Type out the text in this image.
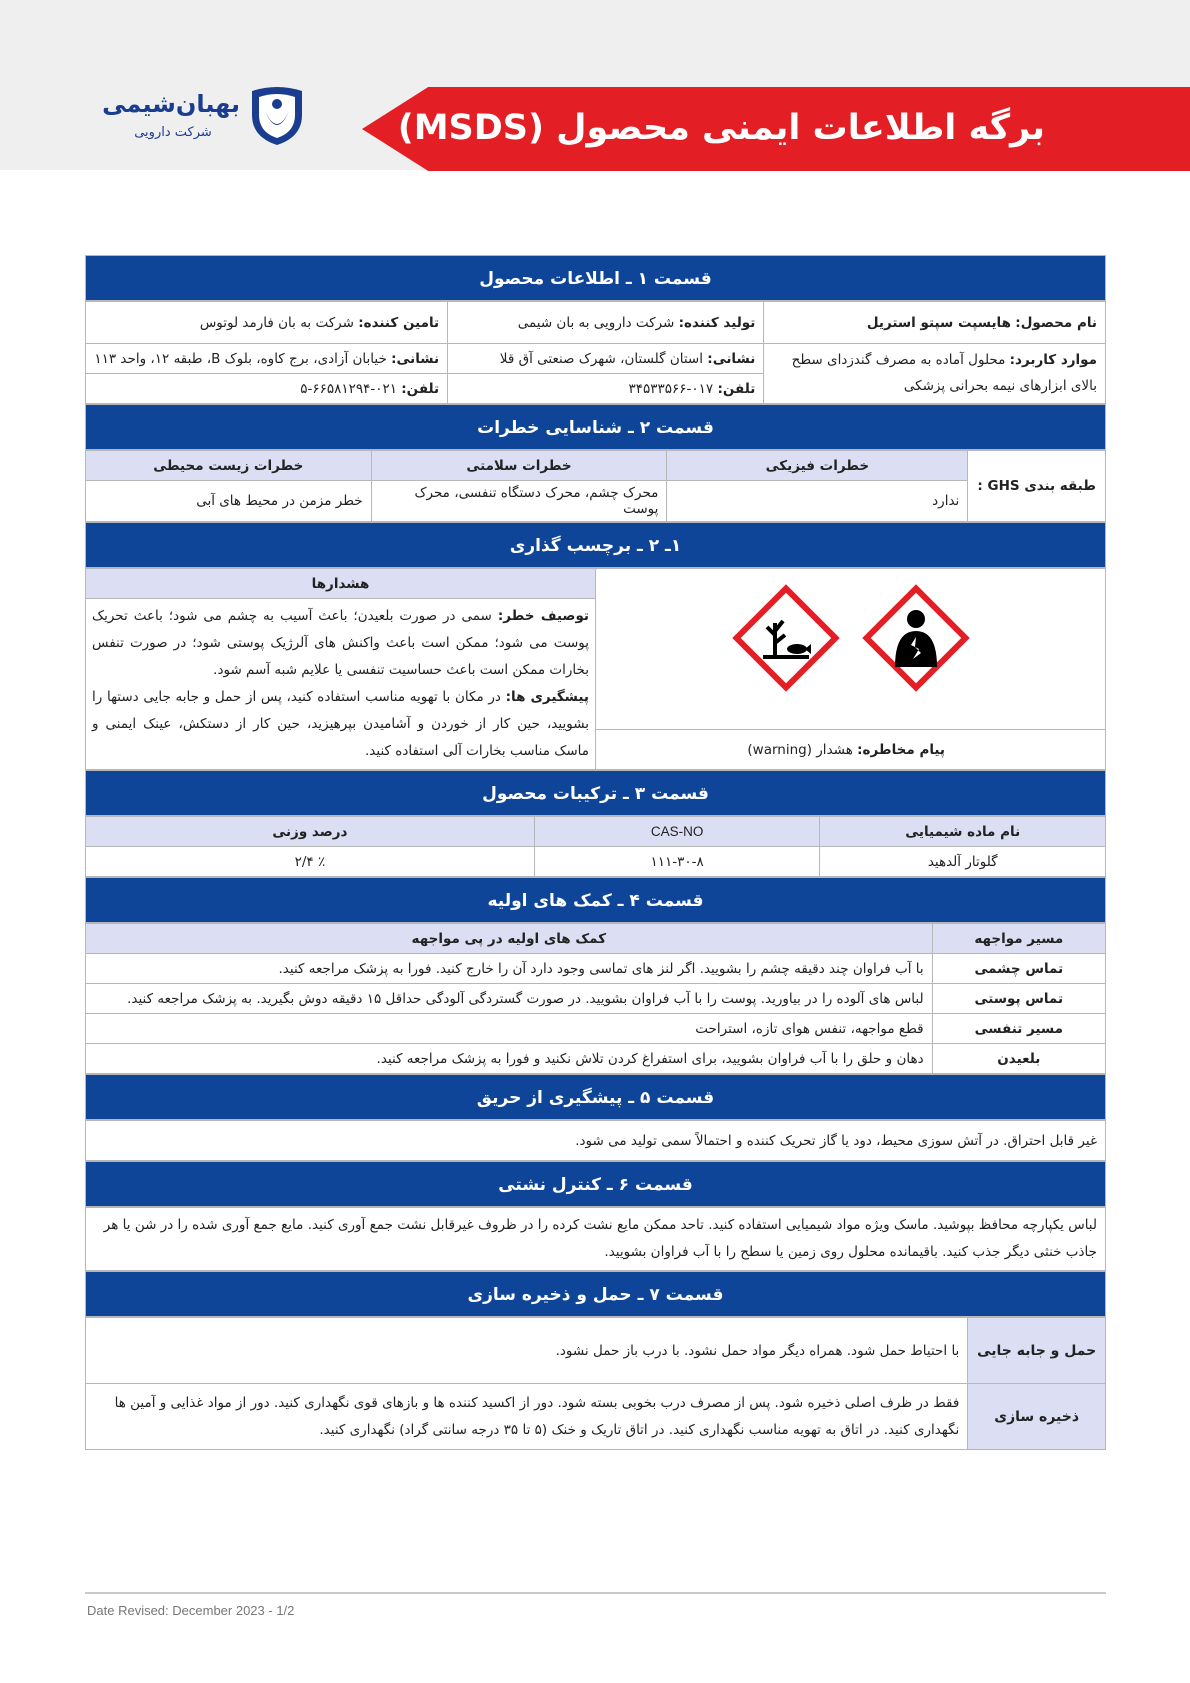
بهبان‌شیمی
شرکت دارویی	برگه اطلاعات ایمنی محصول (MSDS)
قسمت ۱ ـ اطلاعات محصول
نام محصول: هایسپت سپتو استریل	تولید کننده: شرکت دارویی به بان شیمی	تامین کننده: شرکت به بان فارمد لوتوس
موارد کاربرد: محلول آماده به مصرف گندزدای سطح بالای ابزارهای نیمه بحرانی پزشکی	نشانی: استان گلستان، شهرک صنعتی آق قلا	نشانی: خیابان آزادی، برج کاوه، بلوک B، طبقه ۱۲، واحد ۱۱۳
	تلفن: ۰۱۷-۳۴۵۳۳۵۶۶	تلفن: ۰۲۱-۶۶۵۸۱۲۹۴-۵
قسمت ۲ ـ شناسایی خطرات
طبقه بندی GHS :	خطرات فیزیکی	خطرات سلامتی	خطرات زیست محیطی
	ندارد	محرک چشم، محرک دستگاه تنفسی، محرک پوست	خطر مزمن در محیط های آبی
۱ـ ۲ ـ برچسب گذاری
	هشدارها
توصیف خطر: سمی در صورت بلعیدن؛ باعث آسیب به چشم می شود؛ باعث تحریک پوست می شود؛ ممکن است باعث واکنش های آلرژیک پوستی شود؛ در صورت تنفس بخارات ممکن است باعث حساسیت تنفسی یا علایم شبه آسم شود.
پیشگیری ها: در مکان با تهویه مناسب استفاده کنید، پس از حمل و جابه جایی دستها را بشویید، حین کار از خوردن و آشامیدن بپرهیزید، حین کار از دستکش، عینک ایمنی و ماسک مناسب بخارات آلی استفاده کنید.
پیام مخاطره: هشدار (warning)
قسمت ۳ ـ ترکیبات محصول
نام ماده شیمیایی	CAS-NO	درصد وزنی
گلوتار آلدهید	۱۱۱-۳۰-۸	٪ ۲/۴
قسمت ۴ ـ کمک های اولیه
مسیر مواجهه	کمک های اولیه در پی مواجهه
تماس چشمی	با آب فراوان چند دقیقه چشم را بشویید. اگر لنز های تماسی وجود دارد آن را خارج کنید. فورا به پزشک مراجعه کنید.
تماس پوستی	لباس های آلوده را در بیاورید. پوست را با آب فراوان بشویید. در صورت گستردگی آلودگی حداقل ۱۵ دقیقه دوش بگیرید. به پزشک مراجعه کنید.
مسیر تنفسی	قطع مواجهه، تنفس هوای تازه، استراحت
بلعیدن	دهان و حلق را با آب فراوان بشویید، برای استفراغ کردن تلاش نکنید و فورا به پزشک مراجعه کنید.
قسمت ۵ ـ پیشگیری از حریق
غیر قابل احتراق. در آتش سوزی محیط، دود یا گاز تحریک کننده و احتمالاً سمی تولید می شود.
قسمت ۶ ـ کنترل نشتی
لباس یکپارچه محافظ بپوشید. ماسک ویژه مواد شیمیایی استفاده کنید. تاحد ممکن مایع نشت کرده را در ظروف غیرقابل نشت جمع آوری کنید. مایع جمع آوری شده را در شن یا هر جاذب خنثی دیگر جذب کنید. باقیمانده محلول روی زمین یا سطح را با آب فراوان بشویید.
قسمت ۷ ـ حمل و ذخیره سازی
حمل و جابه جایی	با احتیاط حمل شود. همراه دیگر مواد حمل نشود. با درب باز حمل نشود.
ذخیره سازی	فقط در ظرف اصلی ذخیره شود. پس از مصرف درب بخوبی بسته شود. دور از اکسید کننده ها و بازهای قوی نگهداری کنید. دور از مواد غذایی و آمین ها نگهداری کنید. در اتاق به تهویه مناسب نگهداری کنید. در اتاق تاریک و خنک (۵ تا ۳۵ درجه سانتی گراد) نگهداری کنید.
Date Revised: December 2023 - 1/2
